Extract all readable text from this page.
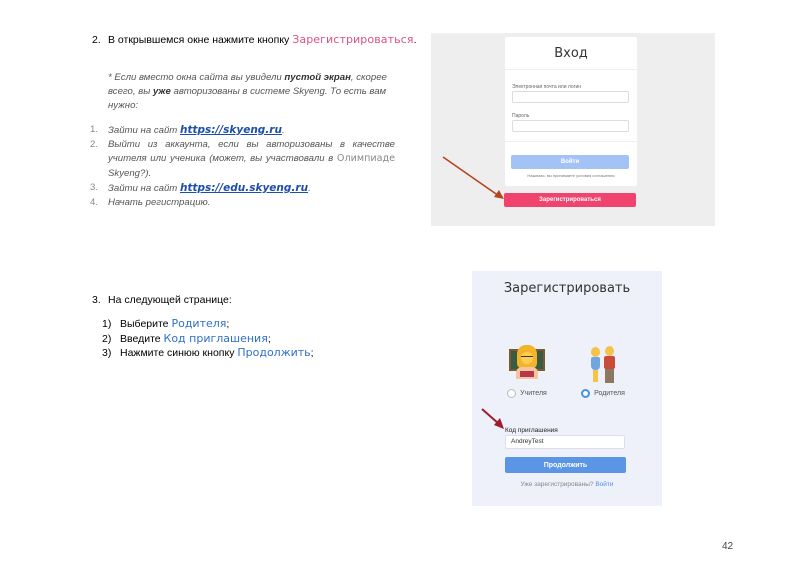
2. В открывшемся окне нажмите кнопку Зарегистрироваться.
* Если вместо окна сайта вы увидели пустой экран, скорее всего, вы уже авторизованы в системе Skyeng. То есть вам нужно:
1. Зайти на сайт https://skyeng.ru.
2. Выйти из аккаунта, если вы авторизованы в качестве учителя или ученика (может, вы участвовали в Олимпиаде Skyeng?).
3. Зайти на сайт https://edu.skyeng.ru.
4. Начать регистрацию.
Вход
Электронная почта или логин
Пароль
Войти
Нажимая, вы принимаете условия соглашения
Зарегистрироваться
3. На следующей странице:
1) Выберите Родителя;
2) Введите Код приглашения;
3) Нажмите синюю кнопку Продолжить;
Зарегистрировать
Учителя	Родителя
Код приглашения
AndreyTest
Продолжить
Уже зарегистрированы? Войти
42
